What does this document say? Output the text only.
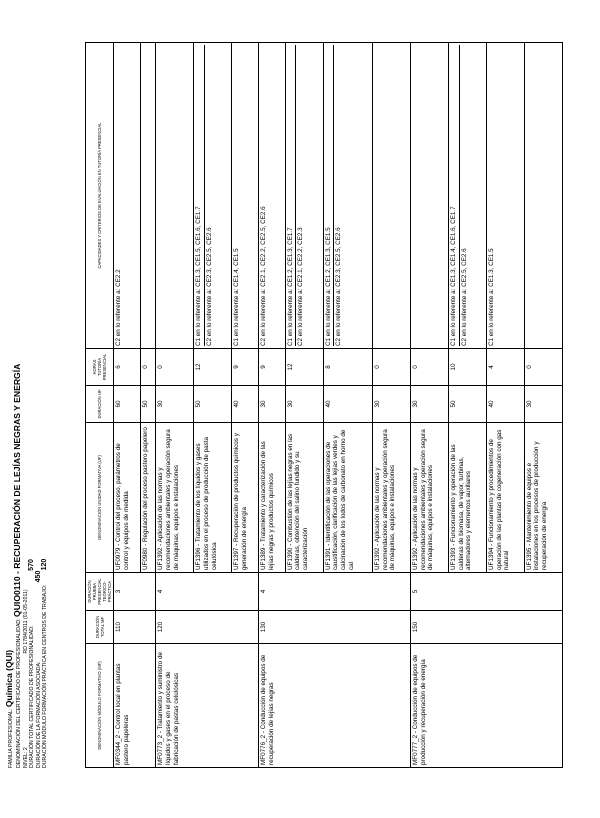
FAMILIA PROFESIONAL: Química (QUI) DENOMINACIÓN DEL CERTIFICADO DE PROFESIONALIDAD: QUIO0110 - RECUPERACIÓN DE LEJÍAS NEGRAS Y ENERGÍA
NIVEL: 2                                                                 RD 1784/2011 (01-05-2011)
DURACIÓN TOTAL CERTIFICADO DE PROFESIONALIDAD:                                      570
DURACIÓN DE LA FORMACIÓN ASOCIADA:                                                       450
DURACIÓN MÓDULO FORMACIÓN PRÁCTICA EN CENTROS DE TRABAJO:          120
DENOMINACIÓN MÓDULO FORMATIVO (MF)	DURACIÓN TOTAL MF	DURACIÓN PRUEBA PRESENCIAL TEÓRICO-PRÁCTICA	DENOMINACIÓN UNIDAD FORMATIVA (UF)	DURACIÓN UF	HORAS TUTORÍA PRESENCIAL	CAPACIDADES Y CRITERIOS DE EVALUACIÓN EN TUTORÍA PRESENCIAL
MF0344_2 - Control local en plantas pastero papeleras	110	3	UF0979 - Control del proceso, parámetros de control y equipos de medida	60	6	C2 en lo referente a: CE2.2

			UF0980 - Regulación del proceso pastero papelero	50	0	

MF0773_2 - Tratamiento y suministro de líquidos y gases en el proceso de fabricación de pastas celulósicas	120	4	UF1392 - Aplicación de las normas y recomendaciones ambientales y operación segura de máquinas, equipos e instalaciones	30	0	

			UF1396 - Tratamiento de los líquidos y gases utilizados en el proceso de producción de pasta celulósica	50	12	C1 en lo referente a: CE1.3, CE1.5, CE1.6, CE1.7 C2 en lo referente a: CE2.3, CE2.5, CE2.6

			UF1397 - Recuperación de productos químicos y generación de energía	40	9	C1 en lo referente a: CE1.4, CE1.5

MF0776_2 - Conducción de equipos de recuperación de lejías negras	130	4	UF1389 - Tratamiento y caracterización de las lejías negras y productos químicos	30	9	C2 en lo referente a: CE2.1, CE2.2, CE2.5, CE2.6

			UF1390 - Combustión de las lejías negras en las calderas, obtención del salino fundido y su caracterización	30	12	C1 en lo referente a: CE1.2, CE1.3, CE1.7 C2 en lo referente a: CE2.1, CE2.2, CE2.3

			UF1391 - Identificación de las operaciones de caustificación, clarificación de las lejías verdes y calcinación de los lodos de carbonato en horno de cal	40	8	C1 en lo referente a: CE1.2, CE1.3, CE1.5 C2 en lo referente a: CE2.3, CE2.5, CE2.6

			UF1392 - Aplicación de las normas y recomendaciones ambientales y operación segura de máquinas, equipos e instalaciones	30	0	

MF0777_2 - Conducción de equipos de producción y recuperación de energía	150	5	UF1392 - Aplicación de las normas y recomendaciones ambientales y operación segura de máquinas, equipos e instalaciones	30	0	

			UF1393 - Funcionamiento y operación de las calderas de biomasa, de vapor, turbinas, alternadores y elementos auxiliares	50	10	C1 en lo referente a: CE1.3, CE1.4, CE1.6, CE1.7 C2 en lo referente a: CE2.5, CE2.6

			UF1394 - Funcionamiento y procedimientos de operación de las plantas de cogeneración con gas natural	40	4	C1 en lo referente a: CE1.3, CE1.5

			UF1395 - Mantenimiento de equipos e instalaciones en los procesos de producción y recuperación de energía	30	0	
